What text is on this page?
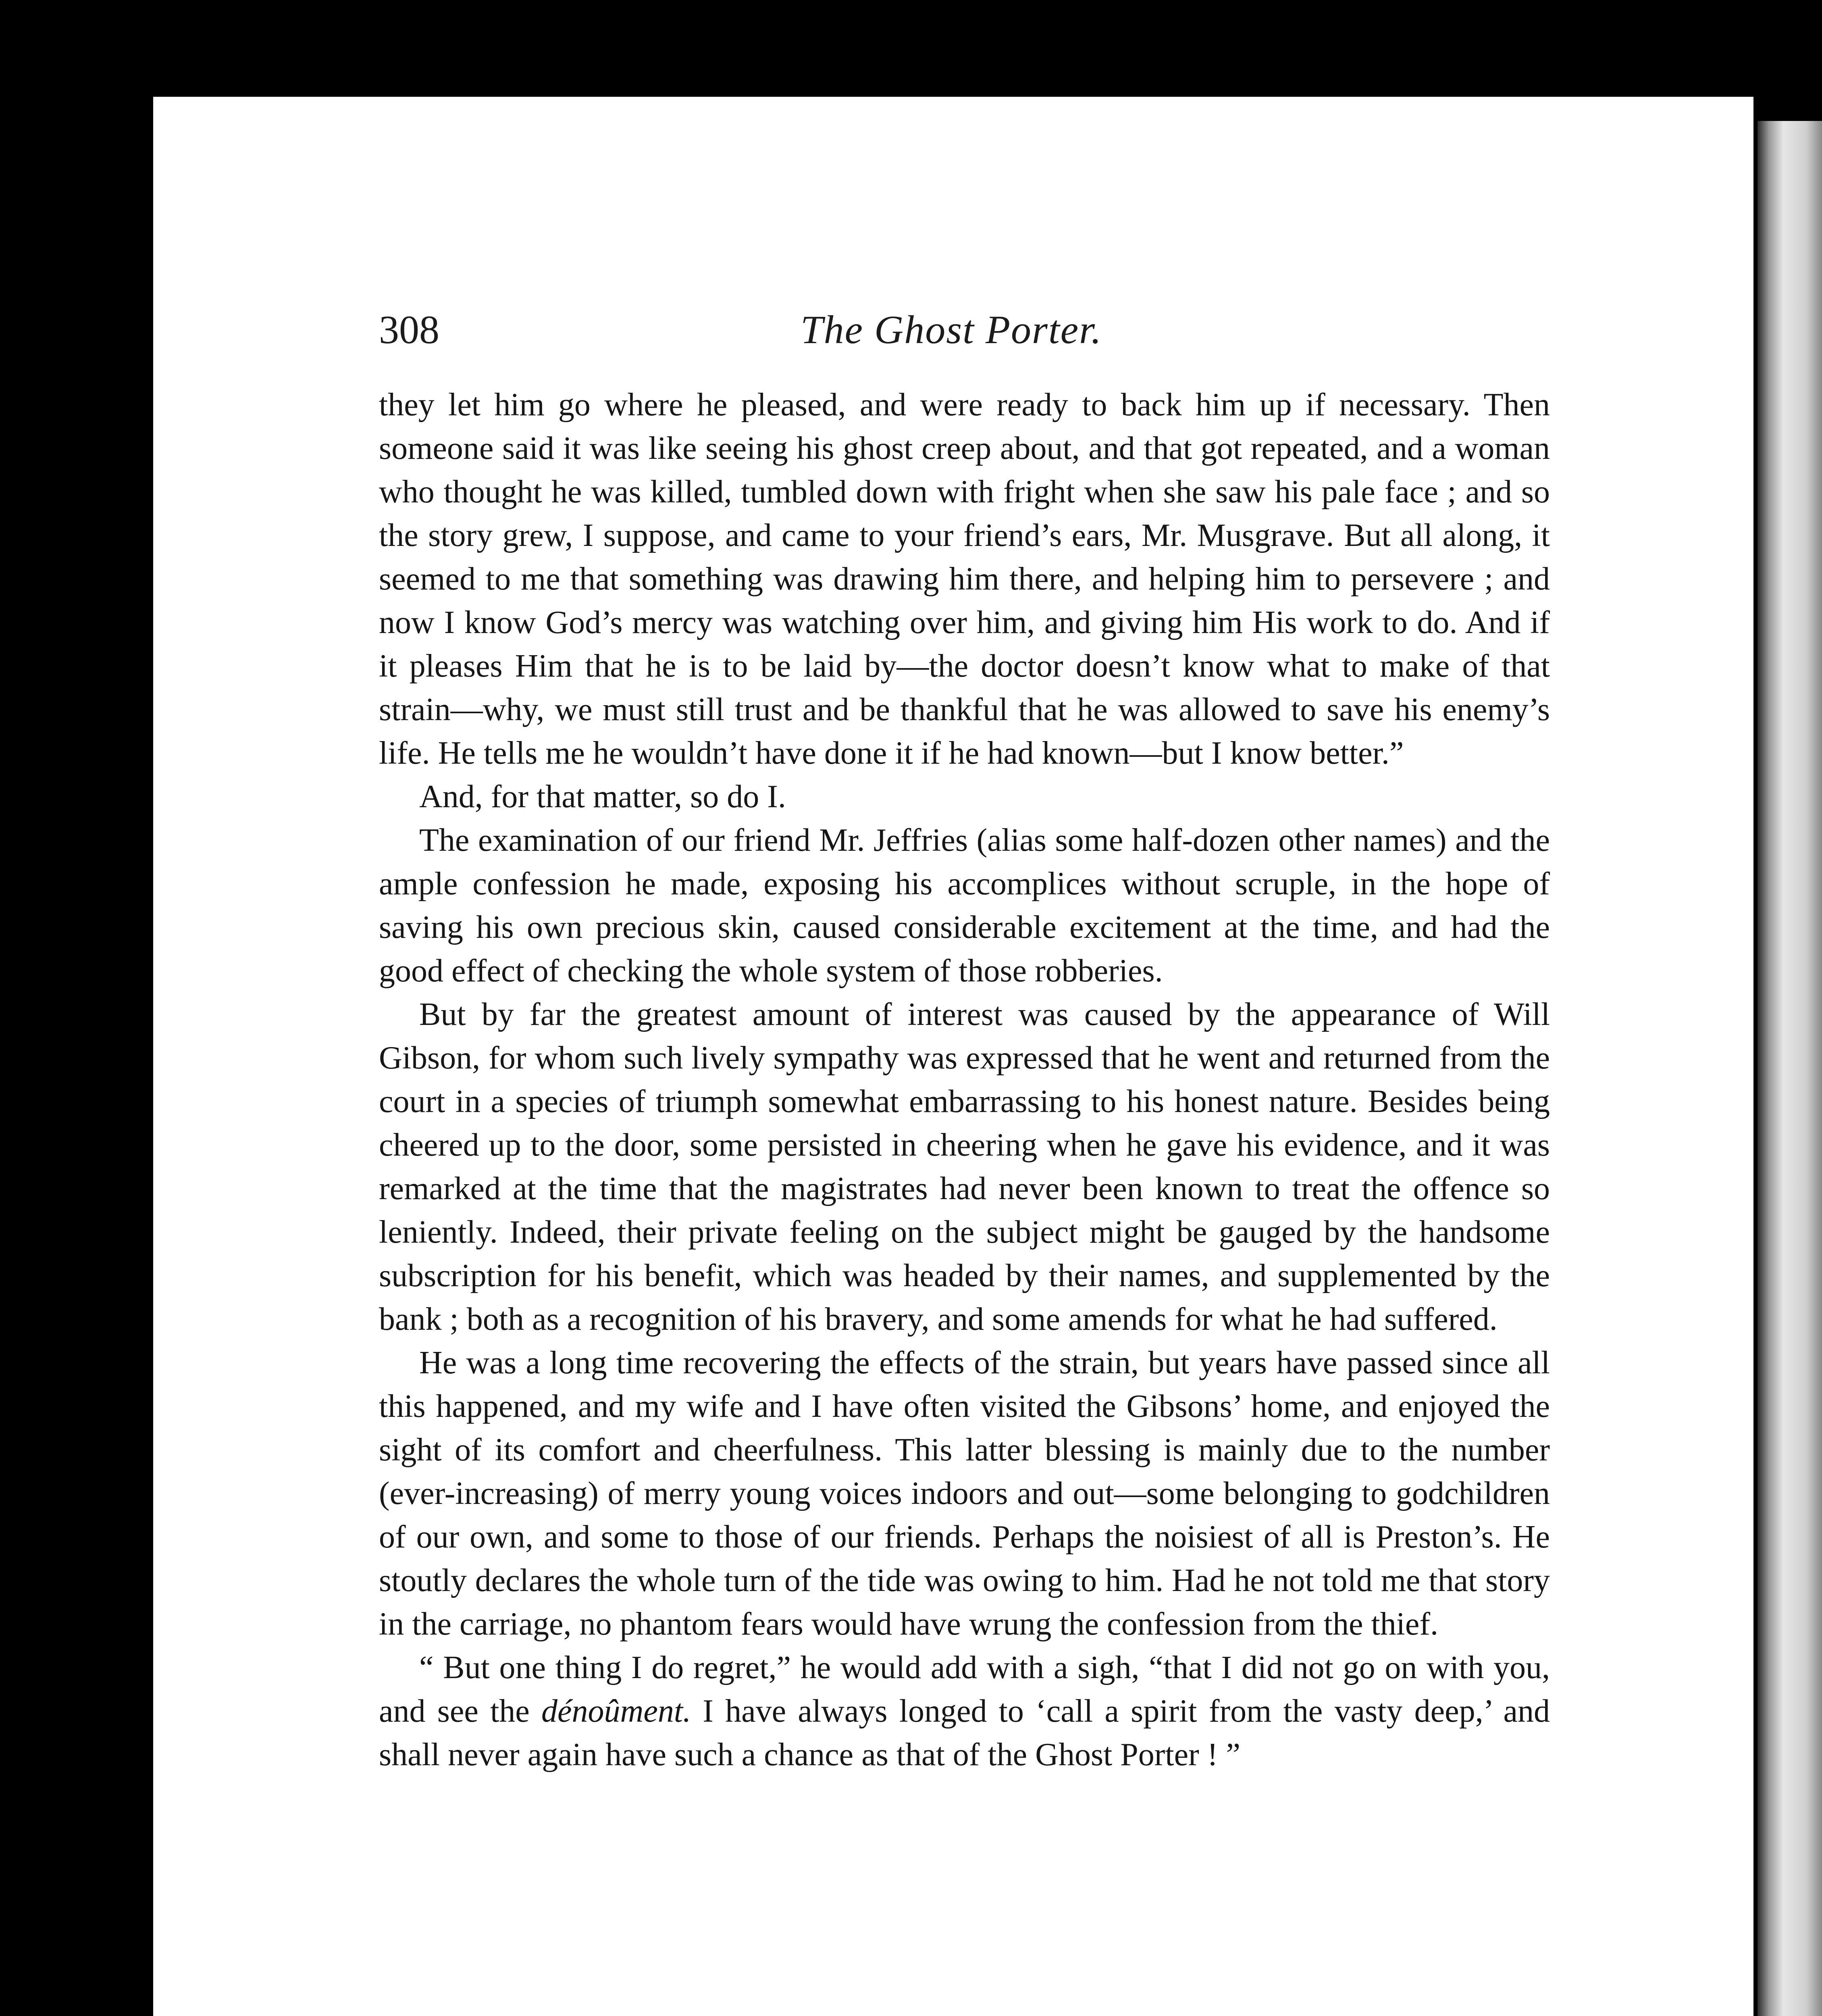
308	The Ghost Porter.

they let him go where he pleased, and were ready to back him up if necessary. Then someone said it was like seeing his ghost creep about, and that got repeated, and a woman who thought he was killed, tumbled down with fright when she saw his pale face ; and so the story grew, I suppose, and came to your friend’s ears, Mr. Musgrave. But all along, it seemed to me that something was drawing him there, and helping him to persevere ; and now I know God’s mercy was watching over him, and giving him His work to do. And if it pleases Him that he is to be laid by—the doctor doesn’t know what to make of that strain—why, we must still trust and be thankful that he was allowed to save his enemy’s life. He tells me he wouldn’t have done it if he had known—but I know better.”

And, for that matter, so do I.

The examination of our friend Mr. Jeffries (alias some half-dozen other names) and the ample confession he made, exposing his accomplices without scruple, in the hope of saving his own precious skin, caused considerable excitement at the time, and had the good effect of checking the whole system of those robberies.

But by far the greatest amount of interest was caused by the appearance of Will Gibson, for whom such lively sympathy was expressed that he went and returned from the court in a species of triumph somewhat embarrassing to his honest nature. Besides being cheered up to the door, some persisted in cheering when he gave his evidence, and it was remarked at the time that the magistrates had never been known to treat the offence so leniently. Indeed, their private feeling on the subject might be gauged by the handsome subscription for his benefit, which was headed by their names, and supplemented by the bank ; both as a recognition of his bravery, and some amends for what he had suffered.

He was a long time recovering the effects of the strain, but years have passed since all this happened, and my wife and I have often visited the Gibsons’ home, and enjoyed the sight of its comfort and cheerfulness. This latter blessing is mainly due to the number (ever-increasing) of merry young voices indoors and out—some belonging to godchildren of our own, and some to those of our friends. Perhaps the noisiest of all is Preston’s. He stoutly declares the whole turn of the tide was owing to him. Had he not told me that story in the carriage, no phantom fears would have wrung the confession from the thief.

“ But one thing I do regret,” he would add with a sigh, “that I did not go on with you, and see the dénoûment. I have always longed to ‘call a spirit from the vasty deep,’ and shall never again have such a chance as that of the Ghost Porter ! ”
